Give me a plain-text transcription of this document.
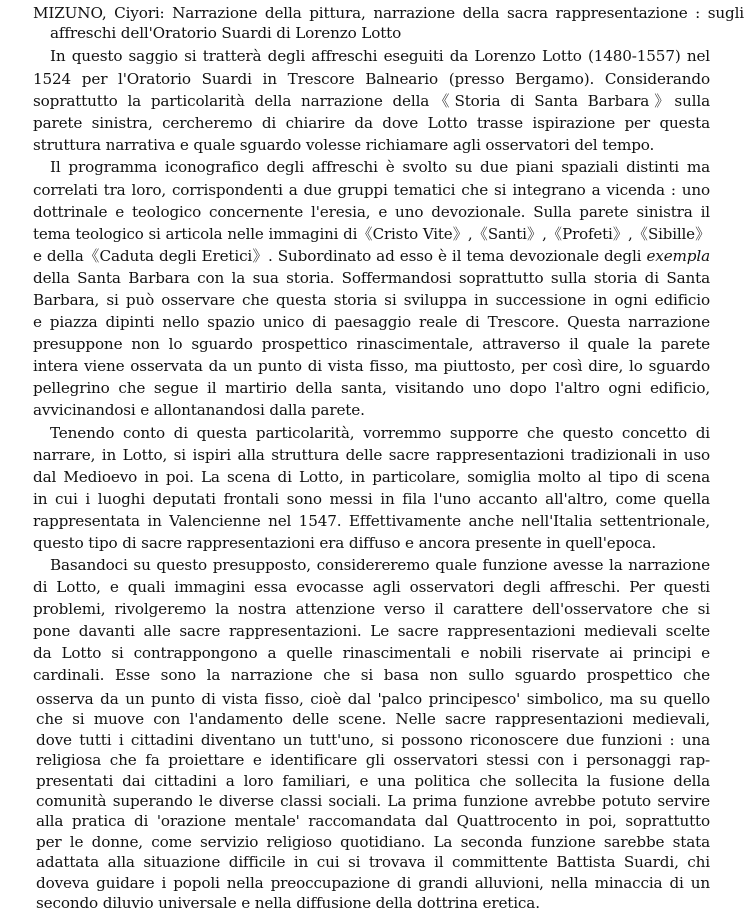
MIZUNO, Ciyori: Narrazione della pittura, narrazione della sacra rappresentazione : sugli
affreschi dell'Oratorio Suardi di Lorenzo Lotto
In questo saggio si tratterà degli affreschi eseguiti da Lorenzo Lotto (1480-1557) nel
1524 per l'Oratorio Suardi in Trescore Balneario (presso Bergamo). Considerando
soprattutto la particolarità della narrazione della《Storia di Santa Barbara》sulla
parete sinistra, cercheremo di chiarire da dove Lotto trasse ispirazione per questa
struttura narrativa e quale sguardo volesse richiamare agli osservatori del tempo.
Il programma iconografico degli affreschi è svolto su due piani spaziali distinti ma
correlati tra loro, corrispondenti a due gruppi tematici che si integrano a vicenda : uno
dottrinale e teologico concernente l'eresia, e uno devozionale. Sulla parete sinistra il
tema teologico si articola nelle immagini di《Cristo Vite》,《Santi》,《Profeti》,《Sibille》
e della《Caduta degli Eretici》. Subordinato ad esso è il tema devozionale degli exempla
della Santa Barbara con la sua storia. Soffermandosi soprattutto sulla storia di Santa
Barbara, si può osservare che questa storia si sviluppa in successione in ogni edificio
e piazza dipinti nello spazio unico di paesaggio reale di Trescore. Questa narrazione
presuppone non lo sguardo prospettico rinascimentale, attraverso il quale la parete
intera viene osservata da un punto di vista fisso, ma piuttosto, per così dire, lo sguardo
pellegrino che segue il martirio della santa, visitando uno dopo l'altro ogni edificio,
avvicinandosi e allontanandosi dalla parete.
Tenendo conto di questa particolarità, vorremmo supporre che questo concetto di
narrare, in Lotto, si ispiri alla struttura delle sacre rappresentazioni tradizionali in uso
dal Medioevo in poi. La scena di Lotto, in particolare, somiglia molto al tipo di scena
in cui i luoghi deputati frontali sono messi in fila l'uno accanto all'altro, come quella
rappresentata in Valencienne nel 1547. Effettivamente anche nell'Italia settentrionale,
questo tipo di sacre rappresentazioni era diffuso e ancora presente in quell'epoca.
Basandoci su questo presupposto, considereremo quale funzione avesse la narrazione
di Lotto, e quali immagini essa evocasse agli osservatori degli affreschi. Per questi
problemi, rivolgeremo la nostra attenzione verso il carattere dell'osservatore che si
pone davanti alle sacre rappresentazioni. Le sacre rappresentazioni medievali scelte
da Lotto si contrappongono a quelle rinascimentali e nobili riservate ai principi e
cardinali. Esse sono la narrazione che si basa non sullo sguardo prospettico che
osserva da un punto di vista fisso, cioè dal 'palco principesco' simbolico, ma su quello
che si muove con l'andamento delle scene. Nelle sacre rappresentazioni medievali,
dove tutti i cittadini diventano un tutt'uno, si possono riconoscere due funzioni : una
religiosa che fa proiettare e identificare gli osservatori stessi con i personaggi rap-
presentati dai cittadini a loro familiari, e una politica che sollecita la fusione della
comunità superando le diverse classi sociali. La prima funzione avrebbe potuto servire
alla pratica di 'orazione mentale' raccomandata dal Quattrocento in poi, soprattutto
per le donne, come servizio religioso quotidiano. La seconda funzione sarebbe stata
adattata alla situazione difficile in cui si trovava il committente Battista Suardi, chi
doveva guidare i popoli nella preoccupazione di grandi alluvioni, nella minaccia di un
secondo diluvio universale e nella diffusione della dottrina eretica.
